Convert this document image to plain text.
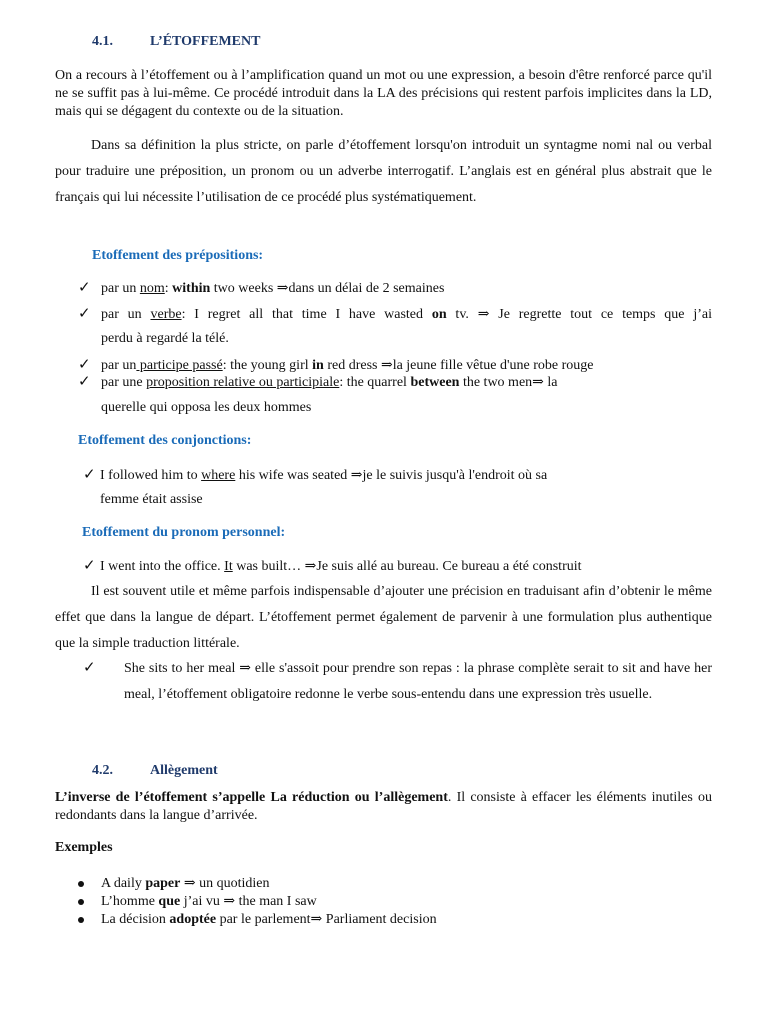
4.1.	L’ÉTOFFEMENT
On a recours à l’étoffement ou à l’amplification quand un mot ou une expression, a besoin d'être renforcé parce qu'il ne se suffit pas à lui-même. Ce procédé introduit dans la LA des précisions qui restent parfois implicites dans la LD, mais qui se dégagent du contexte ou de la situation.
Dans sa définition la plus stricte, on parle d’étoffement lorsqu'on introduit un syntagme nomi nal ou verbal pour traduire une préposition, un pronom ou un adverbe interrogatif. L’anglais est en général plus abstrait que le français qui lui nécessite l’utilisation de ce procédé plus systématiquement.
Etoffement des prépositions:
✓ par un nom: within two weeks ⇒dans un délai de 2 semaines
✓ par un verbe: I regret all that time I have wasted on tv. ⇒ Je regrette tout ce temps que j’ai
perdu à regardé la télé.
✓ par un participe passé: the young girl in red dress ⇒la jeune fille vêtue d'une robe rouge
✓ par une proposition relative ou participiale: the quarrel between the two men⇒ la
querelle qui opposa les deux hommes
Etoffement des conjonctions:
✓ I followed him to where his wife was seated ⇒je le suivis jusqu'à l'endroit où sa
femme était assise
Etoffement du pronom personnel:
✓ I went into the office. It was built… ⇒Je suis allé au bureau. Ce bureau a été construit
Il est souvent utile et même parfois indispensable d’ajouter une précision en traduisant afin d’obtenir le même effet que dans la langue de départ. L’étoffement permet également de parvenir à une formulation plus authentique que la simple traduction littérale.
✓ She sits to her meal ⇒ elle s'assoit pour prendre son repas : la phrase complète serait to sit and have her meal, l’étoffement obligatoire redonne le verbe sous-entendu dans une expression très usuelle.
4.2.	Allègement
L’inverse de l’étoffement s’appelle La réduction ou l’allègement. Il consiste à effacer les éléments inutiles ou redondants dans la langue d’arrivée.
Exemples
A daily paper ⇒ un quotidien
L’homme que j’ai vu ⇒ the man I saw
La décision adoptée par le parlement⇒ Parliament decision
